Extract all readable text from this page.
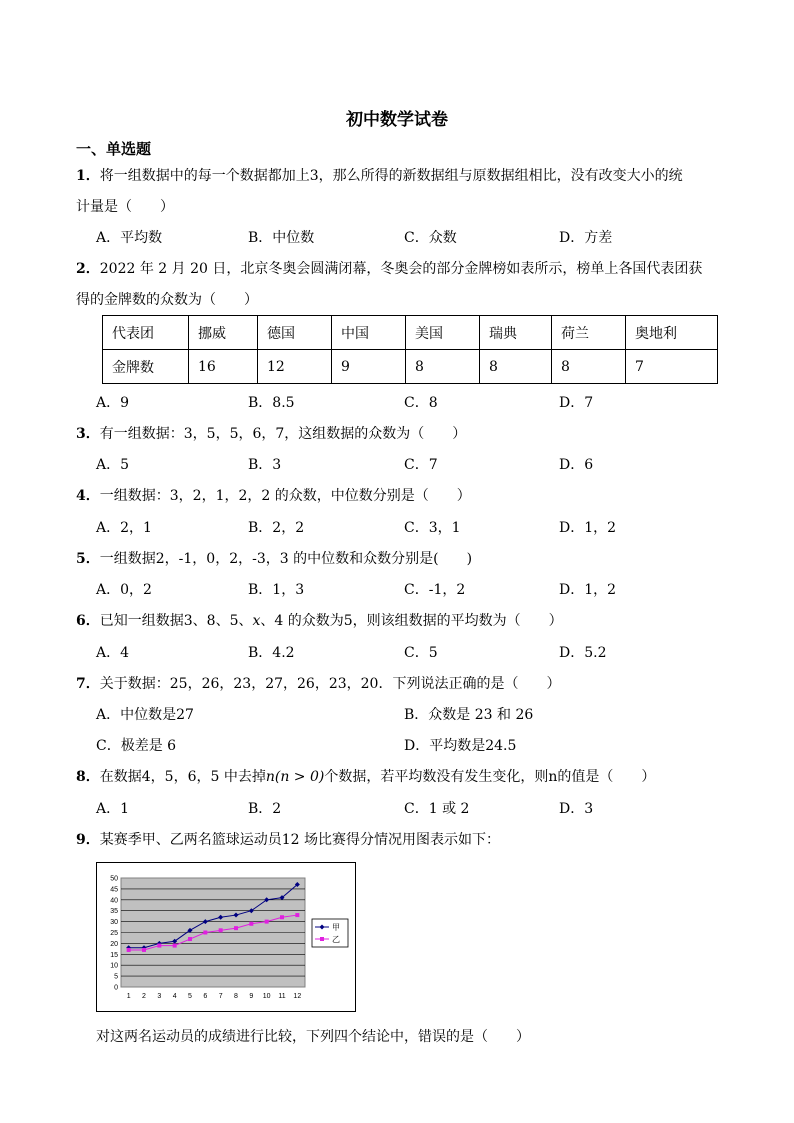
初中数学试卷
一、单选题
1．将一组数据中的每一个数据都加上3，那么所得的新数据组与原数据组相比，没有改变大小的统
计量是（　　）
A．平均数	B．中位数	C．众数	D．方差
2．2022 年 2 月 20 日，北京冬奥会圆满闭幕，冬奥会的部分金牌榜如表所示，榜单上各国代表团获
得的金牌数的众数为（　　）
代表团	挪威	德国	中国	美国	瑞典	荷兰	奥地利
金牌数	16	12	9	8	8	8	7
A．9	B．8.5	C．8	D．7
3．有一组数据：3，5，5，6，7，这组数据的众数为（　　）
A．5	B．3	C．7	D．6
4．一组数据：3，2，1，2，2 的众数，中位数分别是（　　）
A．2，1	B．2，2	C．3，1	D．1，2
5．一组数据2，-1，0，2，-3，3 的中位数和众数分别是(　　)
A．0，2	B．1，3	C．-1，2	D．1，2
6．已知一组数据3、8、5、x、4 的众数为5，则该组数据的平均数为（　　）
A．4	B．4.2	C．5	D．5.2
7．关于数据：25，26，23，27，26，23，20．下列说法正确的是（　　）
A．中位数是27	B．众数是 23 和 26
C．极差是 6	D．平均数是24.5
8．在数据4，5，6，5 中去掉n(n > 0)个数据，若平均数没有发生变化，则n的值是（　　）
A．1	B．2	C．1 或 2	D．3
9．某赛季甲、乙两名篮球运动员12 场比赛得分情况用图表示如下：
0
5
10
15
20
25
30
35
40
45
50
1 2 3 4 5 6 7 8 9 10 11 12
甲
乙
对这两名运动员的成绩进行比较，下列四个结论中，错误的是（　　）
